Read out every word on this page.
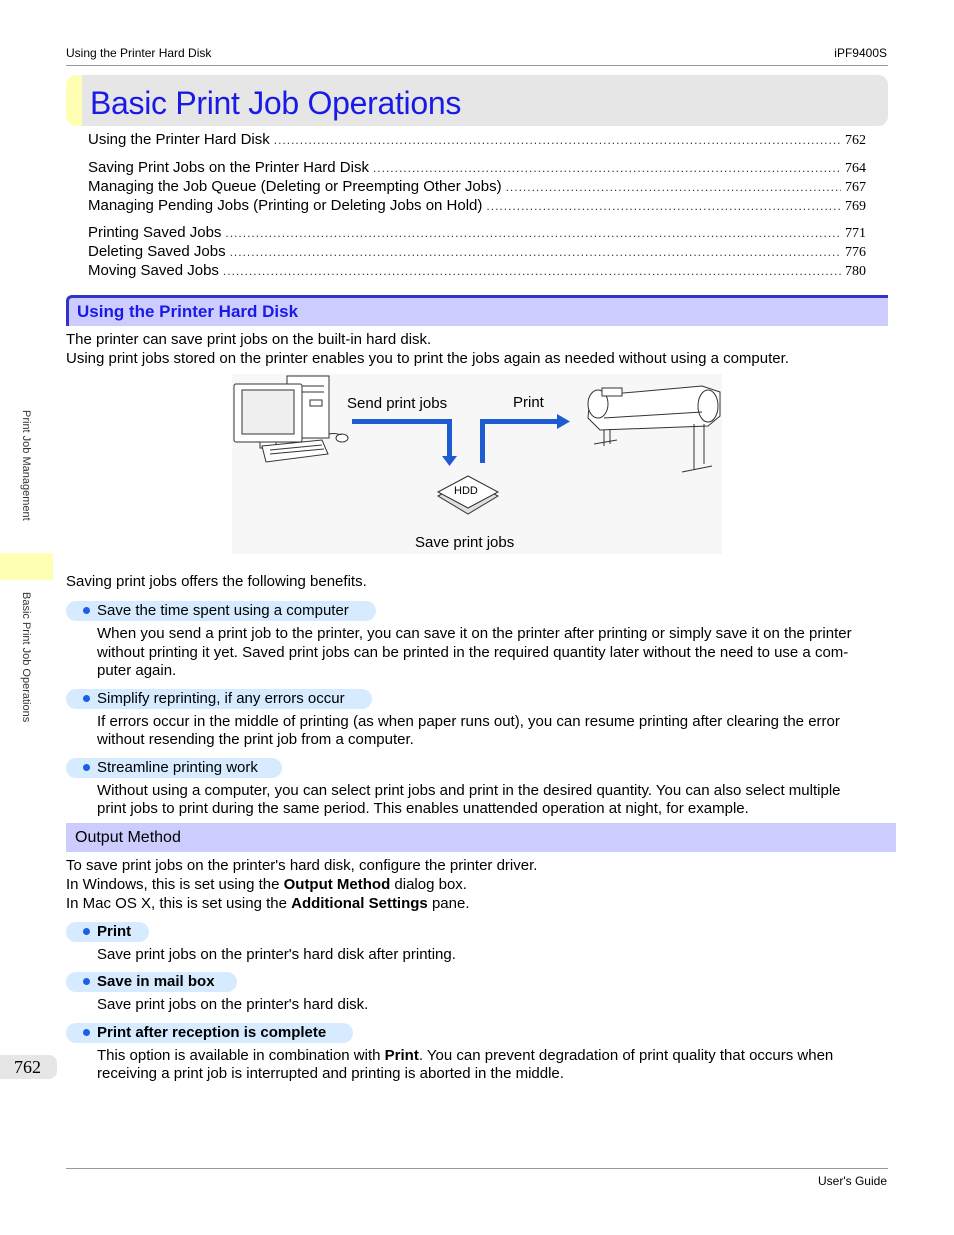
Using the Printer Hard Disk	iPF9400S
Basic Print Job Operations
Using the Printer Hard Disk .....	762
Saving Print Jobs on the Printer Hard Disk .....	764
Managing the Job Queue (Deleting or Preempting Other Jobs) .....	767
Managing Pending Jobs (Printing or Deleting Jobs on Hold) .....	769
Printing Saved Jobs .....	771
Deleting Saved Jobs .....	776
Moving Saved Jobs .....	780
Using the Printer Hard Disk
The printer can save print jobs on the built-in hard disk.
Using print jobs stored on the printer enables you to print the jobs again as needed without using a computer.
Send print jobs	Print
HDD
Save print jobs
Print Job Management
Basic Print Job Operations
Saving print jobs offers the following benefits.
Save the time spent using a computer
When you send a print job to the printer, you can save it on the printer after printing or simply save it on the printer
without printing it yet. Saved print jobs can be printed in the required quantity later without the need to use a com-
puter again.
Simplify reprinting, if any errors occur
If errors occur in the middle of printing (as when paper runs out), you can resume printing after clearing the error
without resending the print job from a computer.
Streamline printing work
Without using a computer, you can select print jobs and print in the desired quantity. You can also select multiple
print jobs to print during the same period. This enables unattended operation at night, for example.
Output Method
To save print jobs on the printer's hard disk, configure the printer driver.
In Windows, this is set using the Output Method dialog box.
In Mac OS X, this is set using the Additional Settings pane.
Print
Save print jobs on the printer's hard disk after printing.
Save in mail box
Save print jobs on the printer's hard disk.
Print after reception is complete
This option is available in combination with Print. You can prevent degradation of print quality that occurs when
receiving a print job is interrupted and printing is aborted in the middle.
762
User's Guide
